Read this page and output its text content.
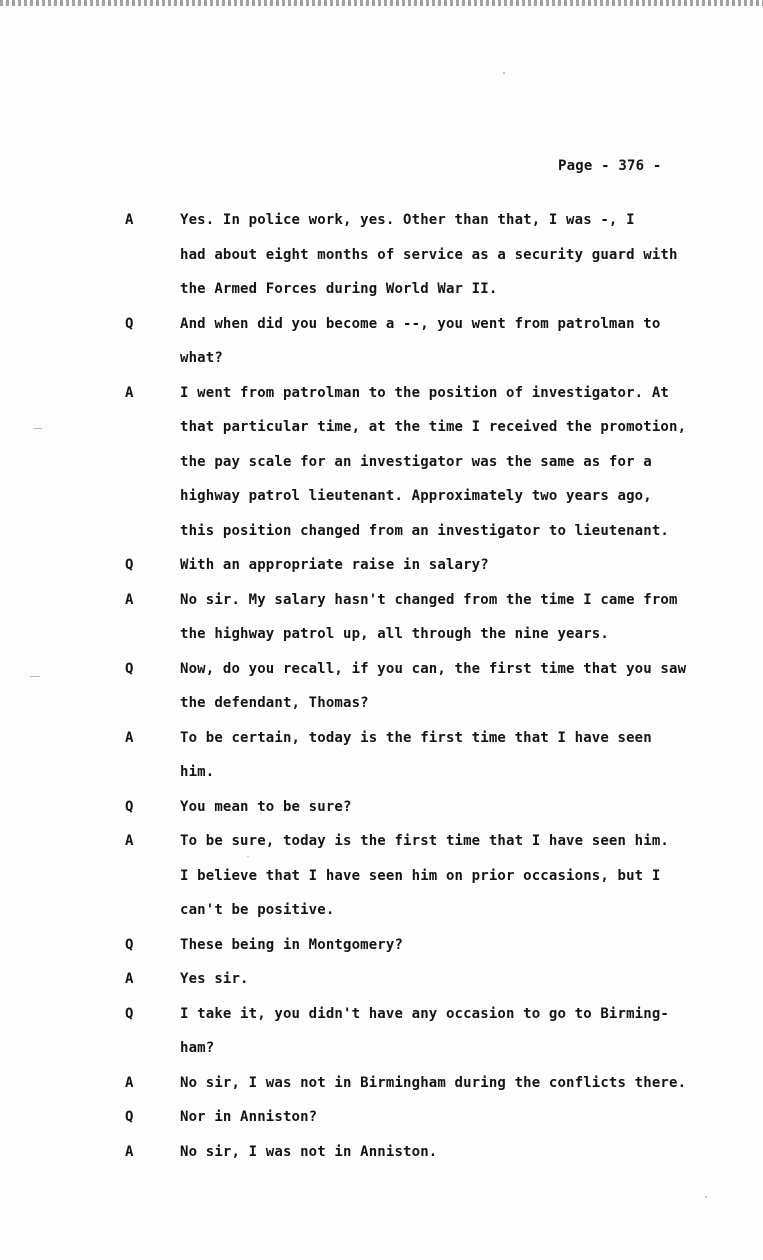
Page - 376 -
A	Yes. In police work, yes. Other than that, I was -, I
had about eight months of service as a security guard with
the Armed Forces during World War II.
Q	And when did you become a --, you went from patrolman to
what?
A	I went from patrolman to the position of investigator. At
that particular time, at the time I received the promotion,
the pay scale for an investigator was the same as for a
highway patrol lieutenant. Approximately two years ago,
this position changed from an investigator to lieutenant.
Q	With an appropriate raise in salary?
A	No sir. My salary hasn't changed from the time I came from
the highway patrol up, all through the nine years.
Q	Now, do you recall, if you can, the first time that you saw
the defendant, Thomas?
A	To be certain, today is the first time that I have seen
him.
Q	You mean to be sure?
A	To be sure, today is the first time that I have seen him.
I believe that I have seen him on prior occasions, but I
can't be positive.
Q	These being in Montgomery?
A	Yes sir.
Q	I take it, you didn't have any occasion to go to Birming-
ham?
A	No sir, I was not in Birmingham during the conflicts there.
Q	Nor in Anniston?
A	No sir, I was not in Anniston.
